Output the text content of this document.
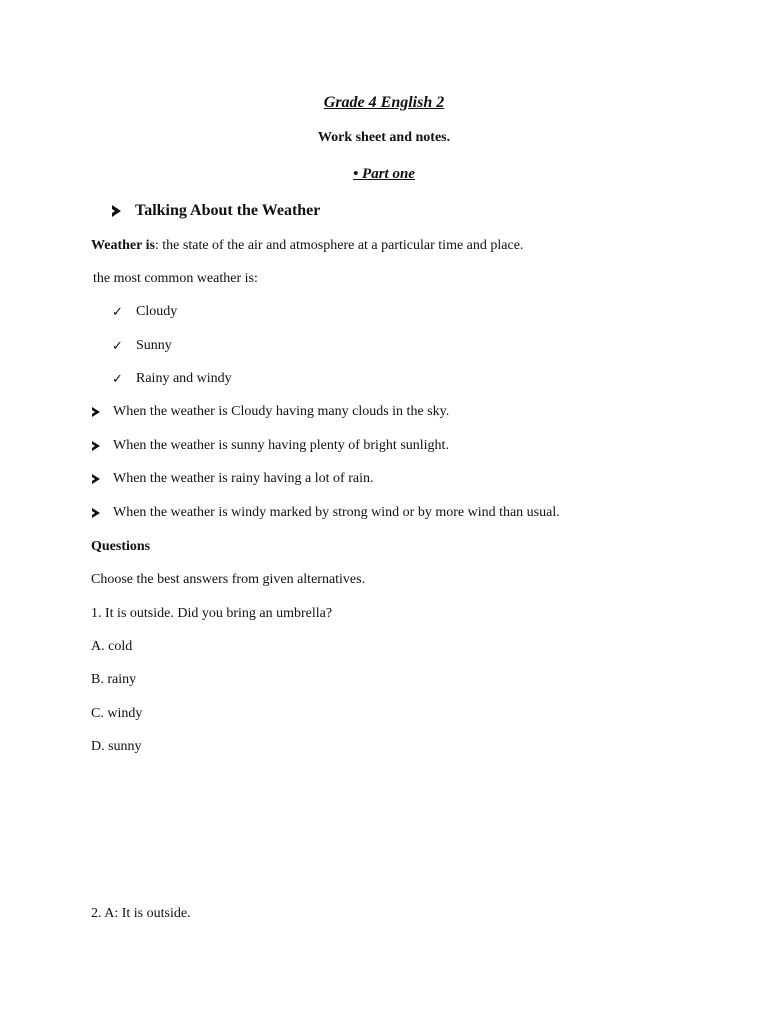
Grade 4 English 2
Work sheet and notes.
• Part one
Talking About the Weather
Weather is: the state of the air and atmosphere at a particular time and place.
the most common weather is:
✓ Cloudy
✓ Sunny
✓ Rainy and windy
When the weather is Cloudy having many clouds in the sky.
When the weather is sunny having plenty of bright sunlight.
When the weather is rainy having a lot of rain.
When the weather is windy marked by strong wind or by more wind than usual.
Questions
Choose the best answers from given alternatives.
1. It is outside. Did you bring an umbrella?
A. cold
B. rainy
C. windy
D. sunny
2. A: It is outside.
